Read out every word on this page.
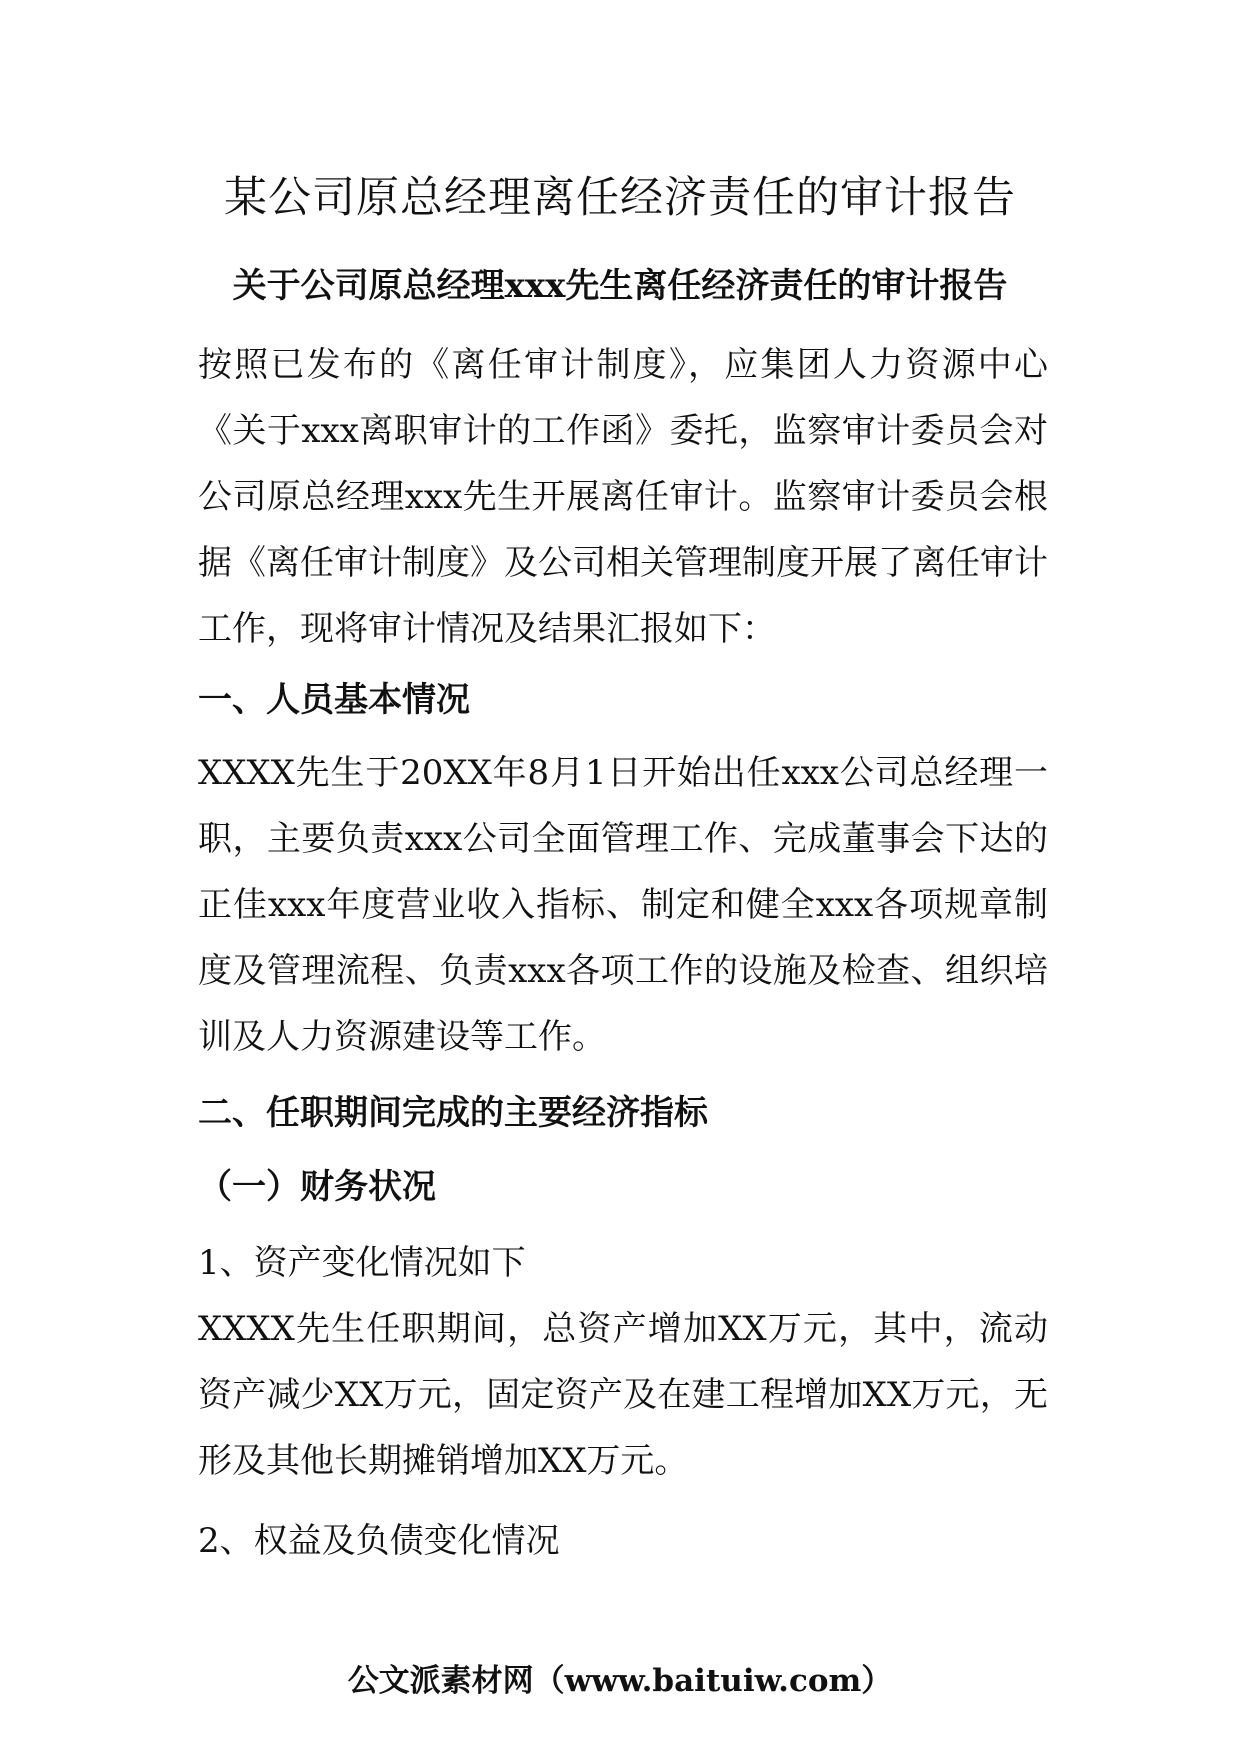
某公司原总经理离任经济责任的审计报告
关于公司原总经理xxx先生离任经济责任的审计报告

按照已发布的《离任审计制度》，应集团人力资源中心《关于xxx离职审计的工作函》委托，监察审计委员会对公司原总经理xxx先生开展离任审计。监察审计委员会根据《离任审计制度》及公司相关管理制度开展了离任审计工作，现将审计情况及结果汇报如下：

一、人员基本情况

XXXX先生于20XX年8月1日开始出任xxx公司总经理一职，主要负责xxx公司全面管理工作、完成董事会下达的正佳xxx年度营业收入指标、制定和健全xxx各项规章制度及管理流程、负责xxx各项工作的设施及检查、组织培训及人力资源建设等工作。

二、任职期间完成的主要经济指标
（一）财务状况
1、资产变化情况如下

XXXX先生任职期间，总资产增加XX万元，其中，流动资产减少XX万元，固定资产及在建工程增加XX万元，无形及其他长期摊销增加XX万元。

2、权益及负债变化情况
公文派素材网（www.baituiw.com）
